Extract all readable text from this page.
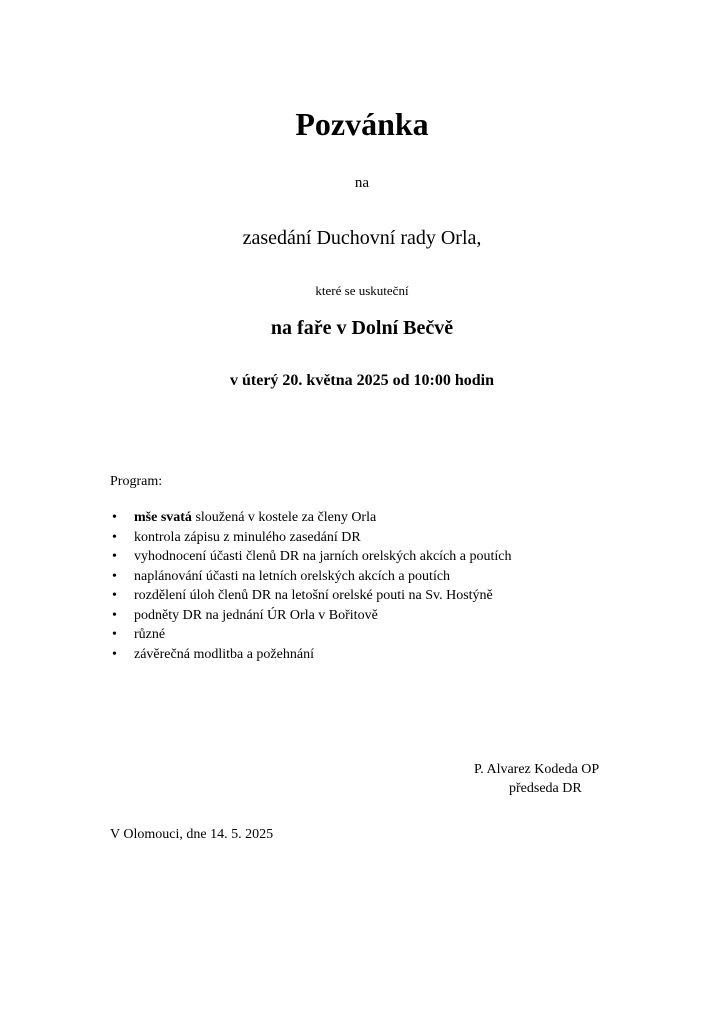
Pozvánka
na
zasedání Duchovní rady Orla,
které se uskuteční
na faře v Dolní Bečvě
v úterý 20. května 2025 od 10:00 hodin
Program:
• mše svatá sloužená v kostele za členy Orla
• kontrola zápisu z minulého zasedání DR
• vyhodnocení účasti členů DR na jarních orelských akcích a poutích
• naplánování účasti na letních orelských akcích a poutích
• rozdělení úloh členů DR na letošní orelské pouti na Sv. Hostýně
• podněty DR na jednání ÚR Orla v Bořitově
• různé
• závěrečná modlitba a požehnání
P. Alvarez Kodeda OP
předseda DR
V Olomouci, dne 14. 5. 2025
